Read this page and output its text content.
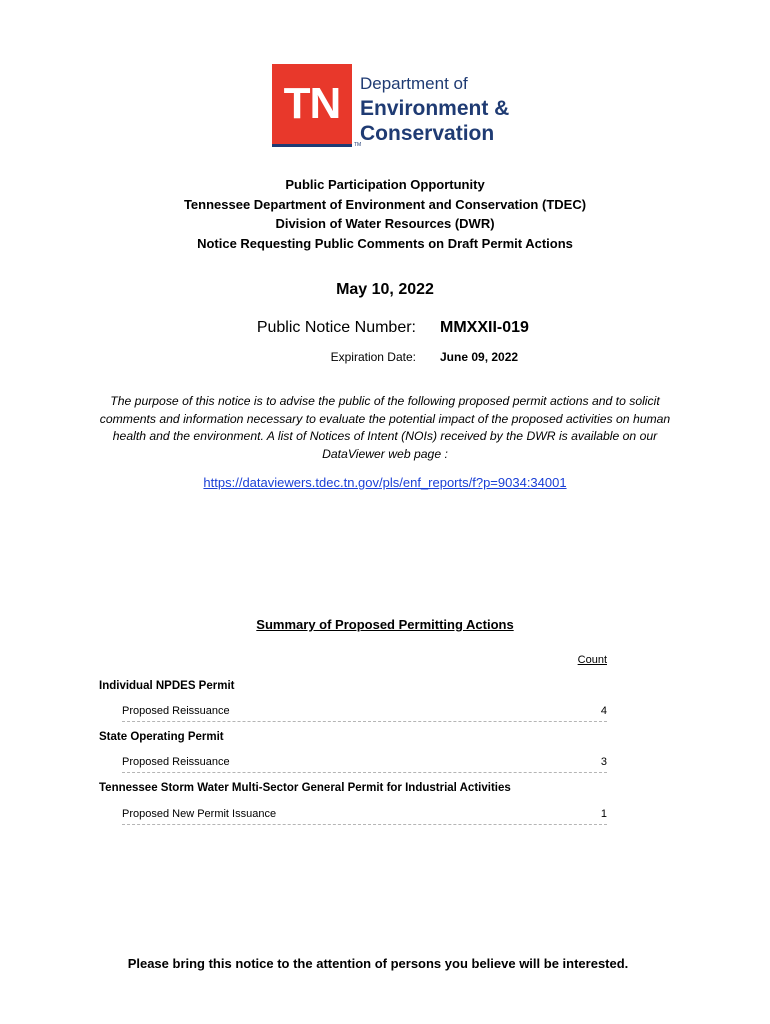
TN
TM
Department of
Environment &
Conservation
Public Participation Opportunity
Tennessee Department of Environment and Conservation (TDEC)
Division of Water Resources (DWR)
Notice Requesting Public Comments on Draft Permit Actions
May 10, 2022
Public Notice Number: MMXXII-019
Expiration Date: June 09, 2022
The purpose of this notice is to advise the public of the following proposed permit actions and to solicit comments and information necessary to evaluate the potential impact of the proposed activities on human health and the environment. A list of Notices of Intent (NOIs) received by the DWR is available on our DataViewer web page :
https://dataviewers.tdec.tn.gov/pls/enf_reports/f?p=9034:34001
Summary of Proposed Permitting Actions
Count
Individual NPDES Permit
Proposed Reissuance	4
State Operating Permit
Proposed Reissuance	3
Tennessee Storm Water Multi-Sector General Permit for Industrial Activities
Proposed New Permit Issuance	1
Please bring this notice to the attention of persons you believe will be interested.
